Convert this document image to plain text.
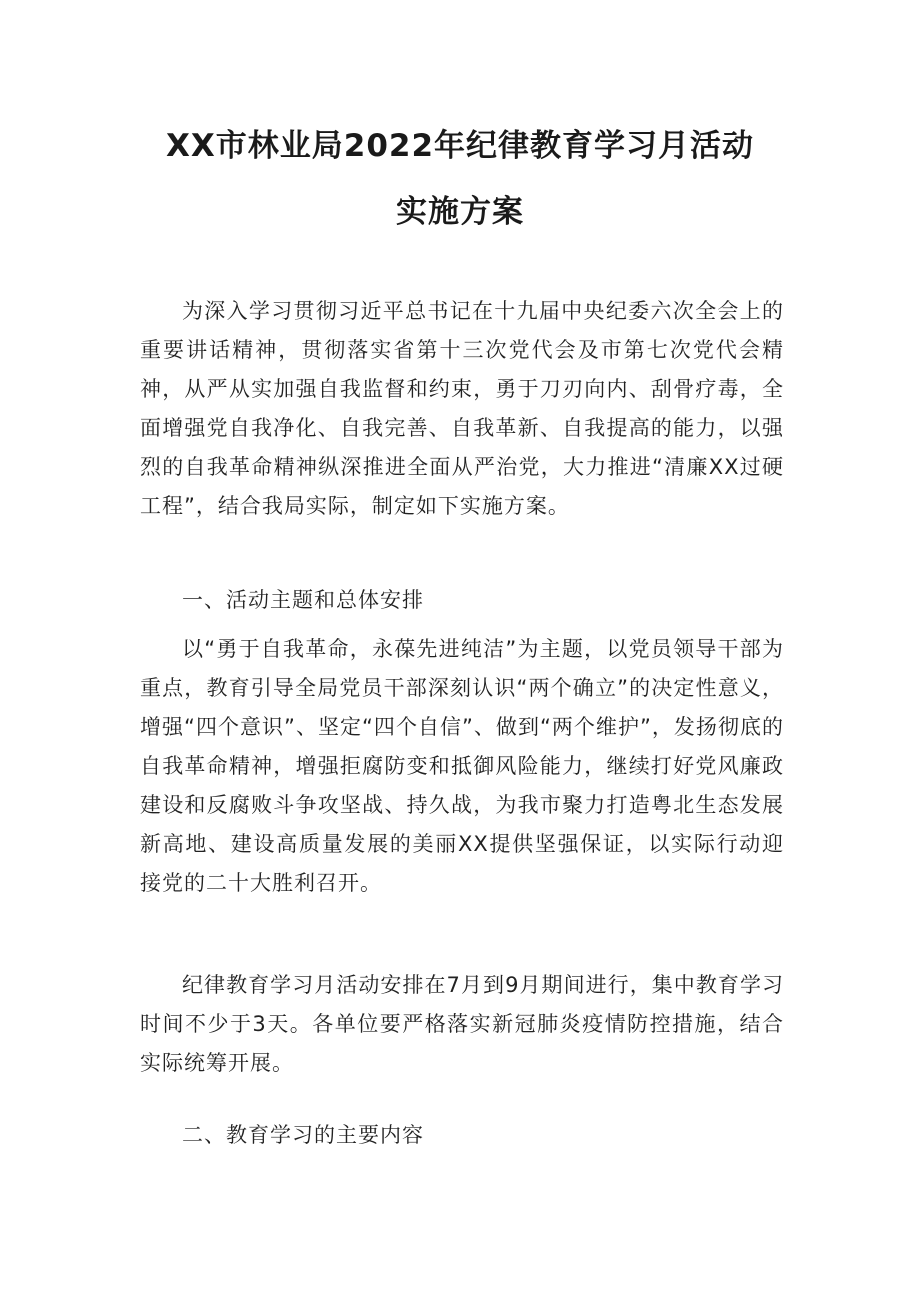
XX市林业局2022年纪律教育学习月活动
实施方案

为深入学习贯彻习近平总书记在十九届中央纪委六次全会上的重要讲话精神，贯彻落实省第十三次党代会及市第七次党代会精神，从严从实加强自我监督和约束，勇于刀刃向内、刮骨疗毒，全面增强党自我净化、自我完善、自我革新、自我提高的能力，以强烈的自我革命精神纵深推进全面从严治党，大力推进“清廉XX过硬工程”，结合我局实际，制定如下实施方案。

一、活动主题和总体安排

以“勇于自我革命，永葆先进纯洁”为主题，以党员领导干部为重点，教育引导全局党员干部深刻认识“两个确立”的决定性意义，增强“四个意识”、坚定“四个自信”、做到“两个维护”，发扬彻底的自我革命精神，增强拒腐防变和抵御风险能力，继续打好党风廉政建设和反腐败斗争攻坚战、持久战，为我市聚力打造粤北生态发展新高地、建设高质量发展的美丽XX提供坚强保证，以实际行动迎接党的二十大胜利召开。

纪律教育学习月活动安排在7月到9月期间进行，集中教育学习时间不少于3天。各单位要严格落实新冠肺炎疫情防控措施，结合实际统筹开展。

二、教育学习的主要内容
